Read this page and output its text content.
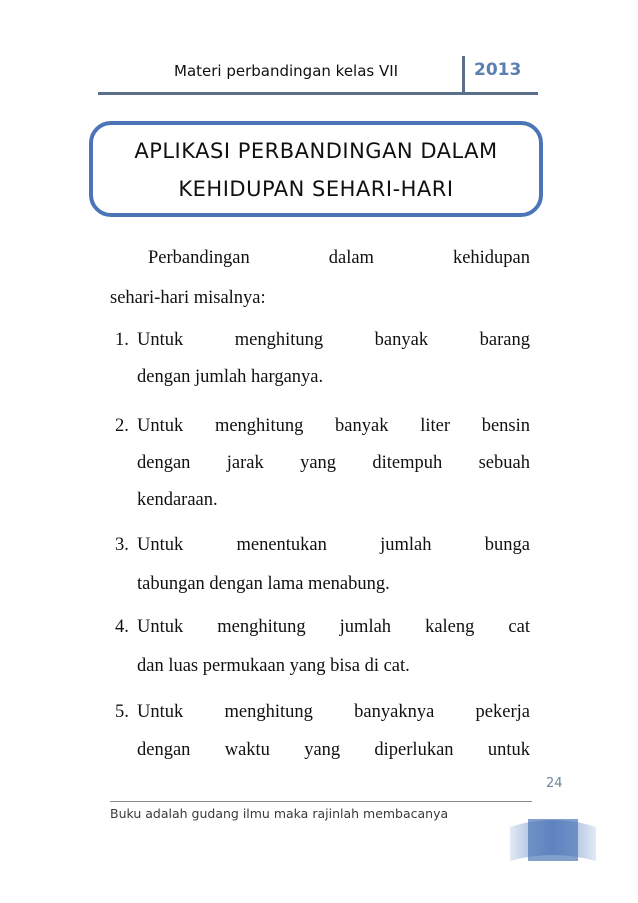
Materi perbandingan kelas VII	2013
APLIKASI PERBANDINGAN DALAM
KEHIDUPAN SEHARI-HARI
Perbandingan	dalam	kehidupan
sehari-hari misalnya:
1. Untuk	menghitung	banyak	barang
dengan jumlah harganya.
2. Untuk menghitung banyak liter bensin
dengan jarak yang ditempuh sebuah
kendaraan.
3. Untuk	menentukan	jumlah	bunga
tabungan dengan lama menabung.
4. Untuk menghitung jumlah kaleng cat
dan luas permukaan yang bisa di cat.
5. Untuk menghitung banyaknya pekerja
dengan waktu yang diperlukan untuk
24
Buku adalah gudang ilmu maka rajinlah membacanya
